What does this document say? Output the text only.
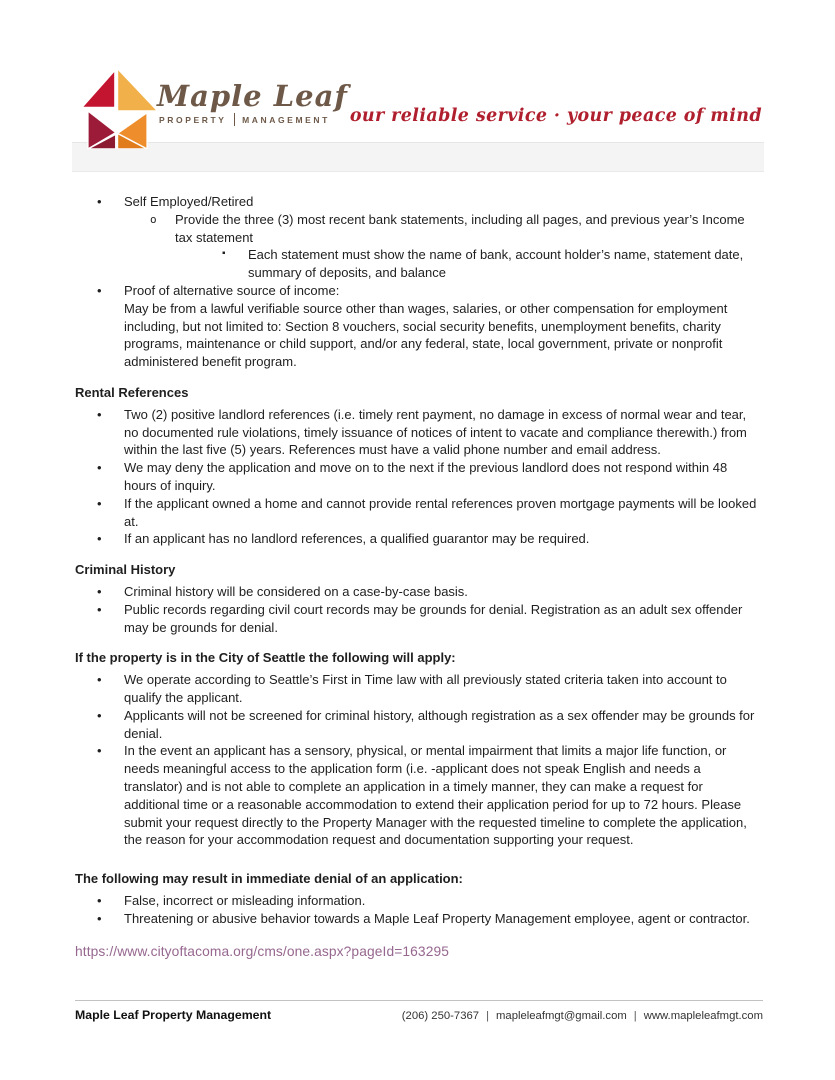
Maple Leaf
PROPERTY MANAGEMENT our reliable service · your peace of mind
• Self Employed/Retired
o Provide the three (3) most recent bank statements, including all pages, and previous year’s Income tax statement
▪ Each statement must show the name of bank, account holder’s name, statement date, summary of deposits, and balance
• Proof of alternative source of income:
May be from a lawful verifiable source other than wages, salaries, or other compensation for employment including, but not limited to: Section 8 vouchers, social security benefits, unemployment benefits, charity programs, maintenance or child support, and/or any federal, state, local government, private or nonprofit administered benefit program.
Rental References
• Two (2) positive landlord references (i.e. timely rent payment, no damage in excess of normal wear and tear, no documented rule violations, timely issuance of notices of intent to vacate and compliance therewith.) from within the last five (5) years. References must have a valid phone number and email address.
• We may deny the application and move on to the next if the previous landlord does not respond within 48 hours of inquiry.
• If the applicant owned a home and cannot provide rental references proven mortgage payments will be looked at.
• If an applicant has no landlord references, a qualified guarantor may be required.
Criminal History
• Criminal history will be considered on a case-by-case basis.
• Public records regarding civil court records may be grounds for denial. Registration as an adult sex offender may be grounds for denial.
If the property is in the City of Seattle the following will apply:
• We operate according to Seattle’s First in Time law with all previously stated criteria taken into account to qualify the applicant.
• Applicants will not be screened for criminal history, although registration as a sex offender may be grounds for denial.
• In the event an applicant has a sensory, physical, or mental impairment that limits a major life function, or needs meaningful access to the application form (i.e. -applicant does not speak English and needs a translator) and is not able to complete an application in a timely manner, they can make a request for additional time or a reasonable accommodation to extend their application period for up to 72 hours. Please submit your request directly to the Property Manager with the requested timeline to complete the application, the reason for your accommodation request and documentation supporting your request.
The following may result in immediate denial of an application:
• False, incorrect or misleading information.
• Threatening or abusive behavior towards a Maple Leaf Property Management employee, agent or contractor.

https://www.cityoftacoma.org/cms/one.aspx?pageId=163295

Maple Leaf Property Management	(206) 250-7367 | mapleleafmgt@gmail.com | www.mapleleafmgt.com
